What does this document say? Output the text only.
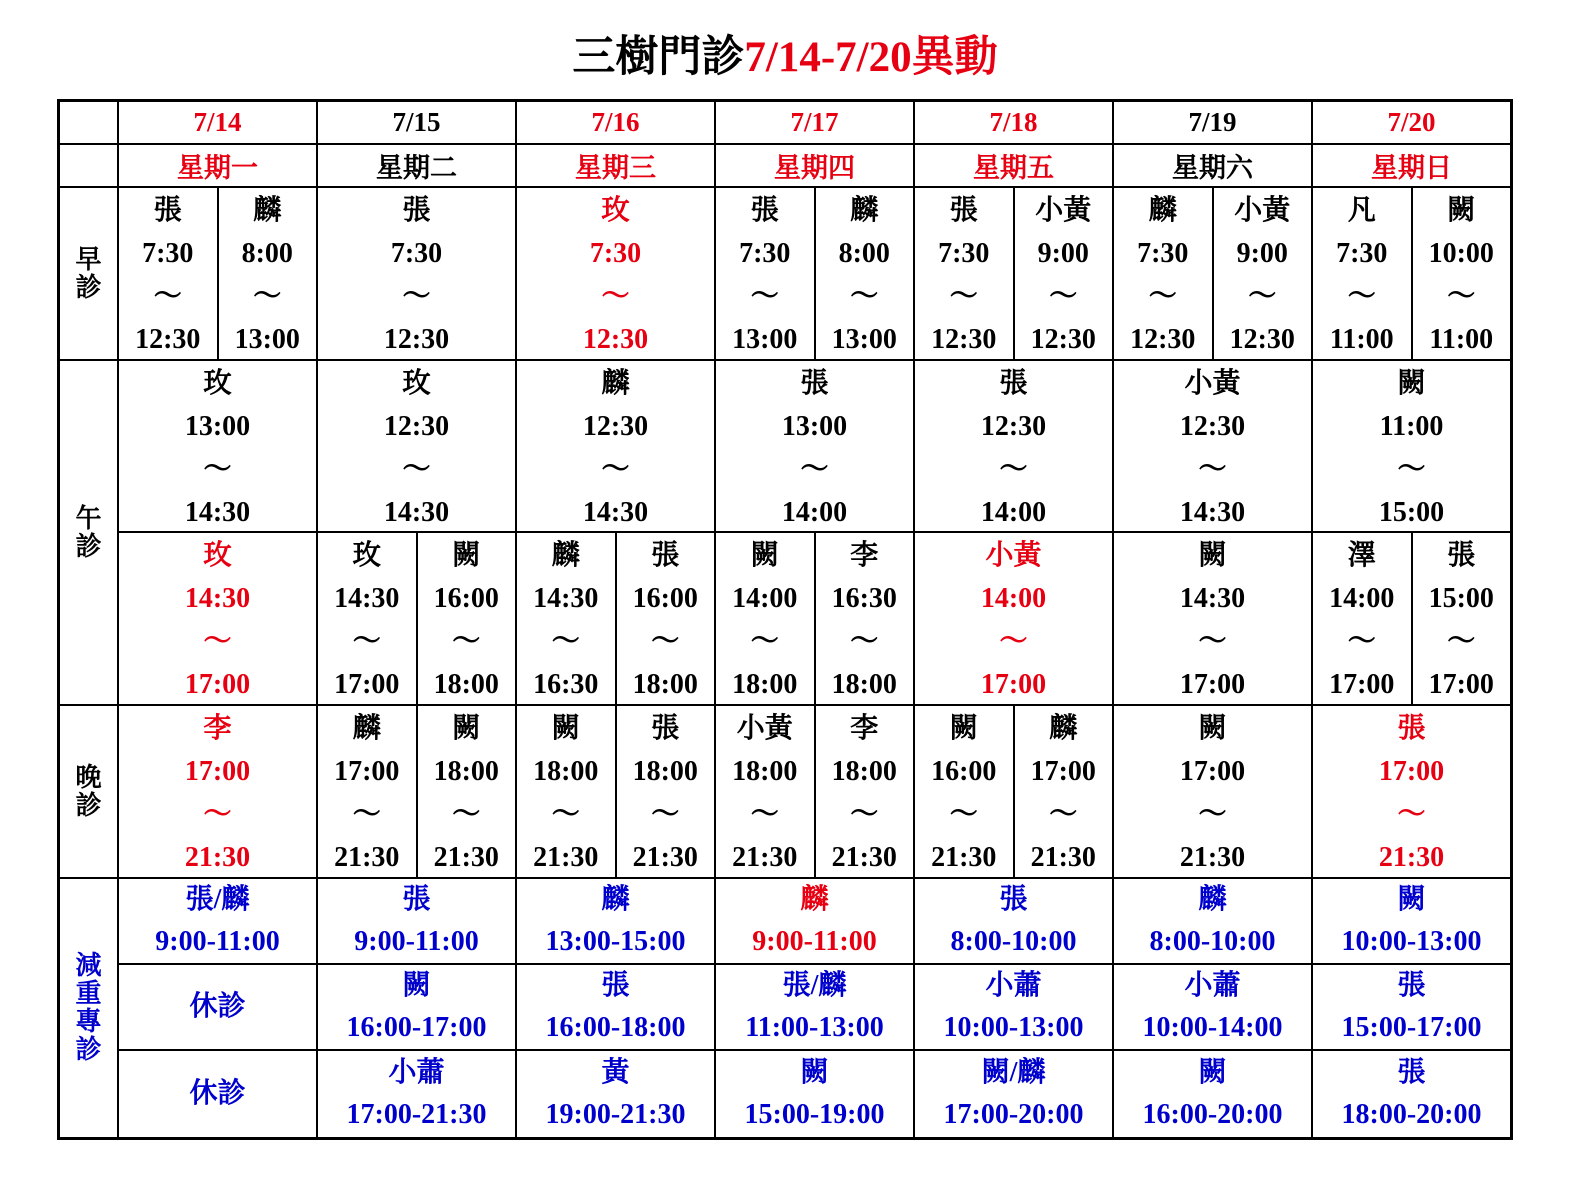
三樹門診7/14-7/20異動
7/14
星期一
7/15
星期二
7/16
星期三
7/17
星期四
7/18
星期五
7/19
星期六
7/20
星期日
早診
午診
晚診
減重專診
張
7:30
～
12:30
麟
8:00
～
13:00
張
7:30
～
12:30
玫
7:30
～
12:30
張
7:30
～
13:00
麟
8:00
～
13:00
張
7:30
～
12:30
小黃
9:00
～
12:30
麟
7:30
～
12:30
小黃
9:00
～
12:30
凡
7:30
～
11:00
闕
10:00
～
11:00
玫
13:00
～
14:30
玫
12:30
～
14:30
麟
12:30
～
14:30
張
13:00
～
14:00
張
12:30
～
14:00
小黃
12:30
～
14:30
闕
11:00
～
15:00
玫
14:30
～
17:00
玫
14:30
～
17:00
闕
16:00
～
18:00
麟
14:30
～
16:30
張
16:00
～
18:00
闕
14:00
～
18:00
李
16:30
～
18:00
小黃
14:00
～
17:00
闕
14:30
～
17:00
澤
14:00
～
17:00
張
15:00
～
17:00
李
17:00
～
21:30
麟
17:00
～
21:30
闕
18:00
～
21:30
闕
18:00
～
21:30
張
18:00
～
21:30
小黃
18:00
～
21:30
李
18:00
～
21:30
闕
16:00
～
21:30
麟
17:00
～
21:30
闕
17:00
～
21:30
張
17:00
～
21:30
張/麟
9:00-11:00
張
9:00-11:00
麟
13:00-15:00
麟
9:00-11:00
張
8:00-10:00
麟
8:00-10:00
闕
10:00-13:00
休診
闕
16:00-17:00
張
16:00-18:00
張/麟
11:00-13:00
小蕭
10:00-13:00
小蕭
10:00-14:00
張
15:00-17:00
休診
小蕭
17:00-21:30
黃
19:00-21:30
闕
15:00-19:00
闕/麟
17:00-20:00
闕
16:00-20:00
張
18:00-20:00
